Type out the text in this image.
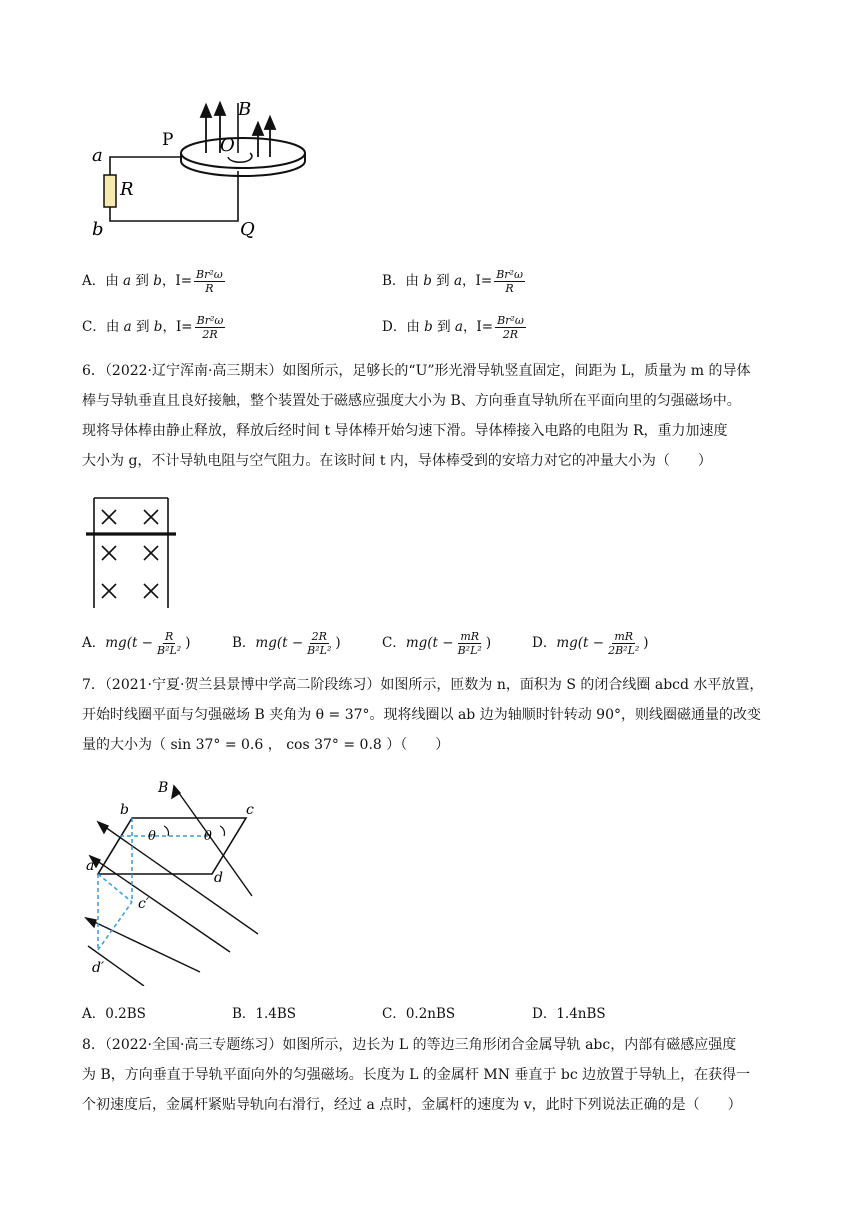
B
O
P
Q
a
b
R
A．由 a 到 b，$I= \frac{\text{Br²ω}}{R}$	B．由 b 到 a，$I= \frac{\text{Br²ω}}{R}$
C．由 a 到 b，$I= \frac{\text{Br²ω}}{2R}$	D．由 b 到 a，$I= \frac{\text{Br²ω}}{2R}$
6．（2022·辽宁浑南·高三期末）如图所示，足够长的“U”形光滑导轨竖直固定，间距为 L，质量为 m 的导体
棒与导轨垂直且良好接触，整个装置处于磁感应强度大小为 B、方向垂直导轨所在平面向里的匀强磁场中。
现将导体棒由静止释放，释放后经时间 t 导体棒开始匀速下滑。导体棒接入电路的电阻为 R，重力加速度
大小为 g，不计导轨电阻与空气阻力。在该时间 t 内，导体棒受到的安培力对它的冲量大小为（　　）
A．$mg(t - \frac{R}{\text{B²L²}}$ )	B．$mg(t - \frac{2R}{\text{B²L²}}$ )	C．$mg(t - \frac{mR}{\text{B²L²}}$ )	D．$mg(t - \frac{mR}{\text{2B²L²}}$ )
7．（2021·宁夏·贺兰县景博中学高二阶段练习）如图所示，匝数为 n，面积为 S 的闭合线圈 abcd 水平放置，
开始时线圈平面与匀强磁场 B 夹角为 θ = 37°。现将线圈以 ab 边为轴顺时针转动 90°，则线圈磁通量的改变
量的大小为（ sin 37° = 0.6 ， cos 37° = 0.8 ）（　　）
B
b	c
d
a
c′
d′
θ	θ
A．0.2BS	B．1.4BS	C．0.2nBS	D．1.4nBS
8．（2022·全国·高三专题练习）如图所示，边长为 L 的等边三角形闭合金属导轨 abc，内部有磁感应强度
为 B，方向垂直于导轨平面向外的匀强磁场。长度为 L 的金属杆 MN 垂直于 bc 边放置于导轨上，在获得一
个初速度后，金属杆紧贴导轨向右滑行，经过 a 点时，金属杆的速度为 v，此时下列说法正确的是（　　）
